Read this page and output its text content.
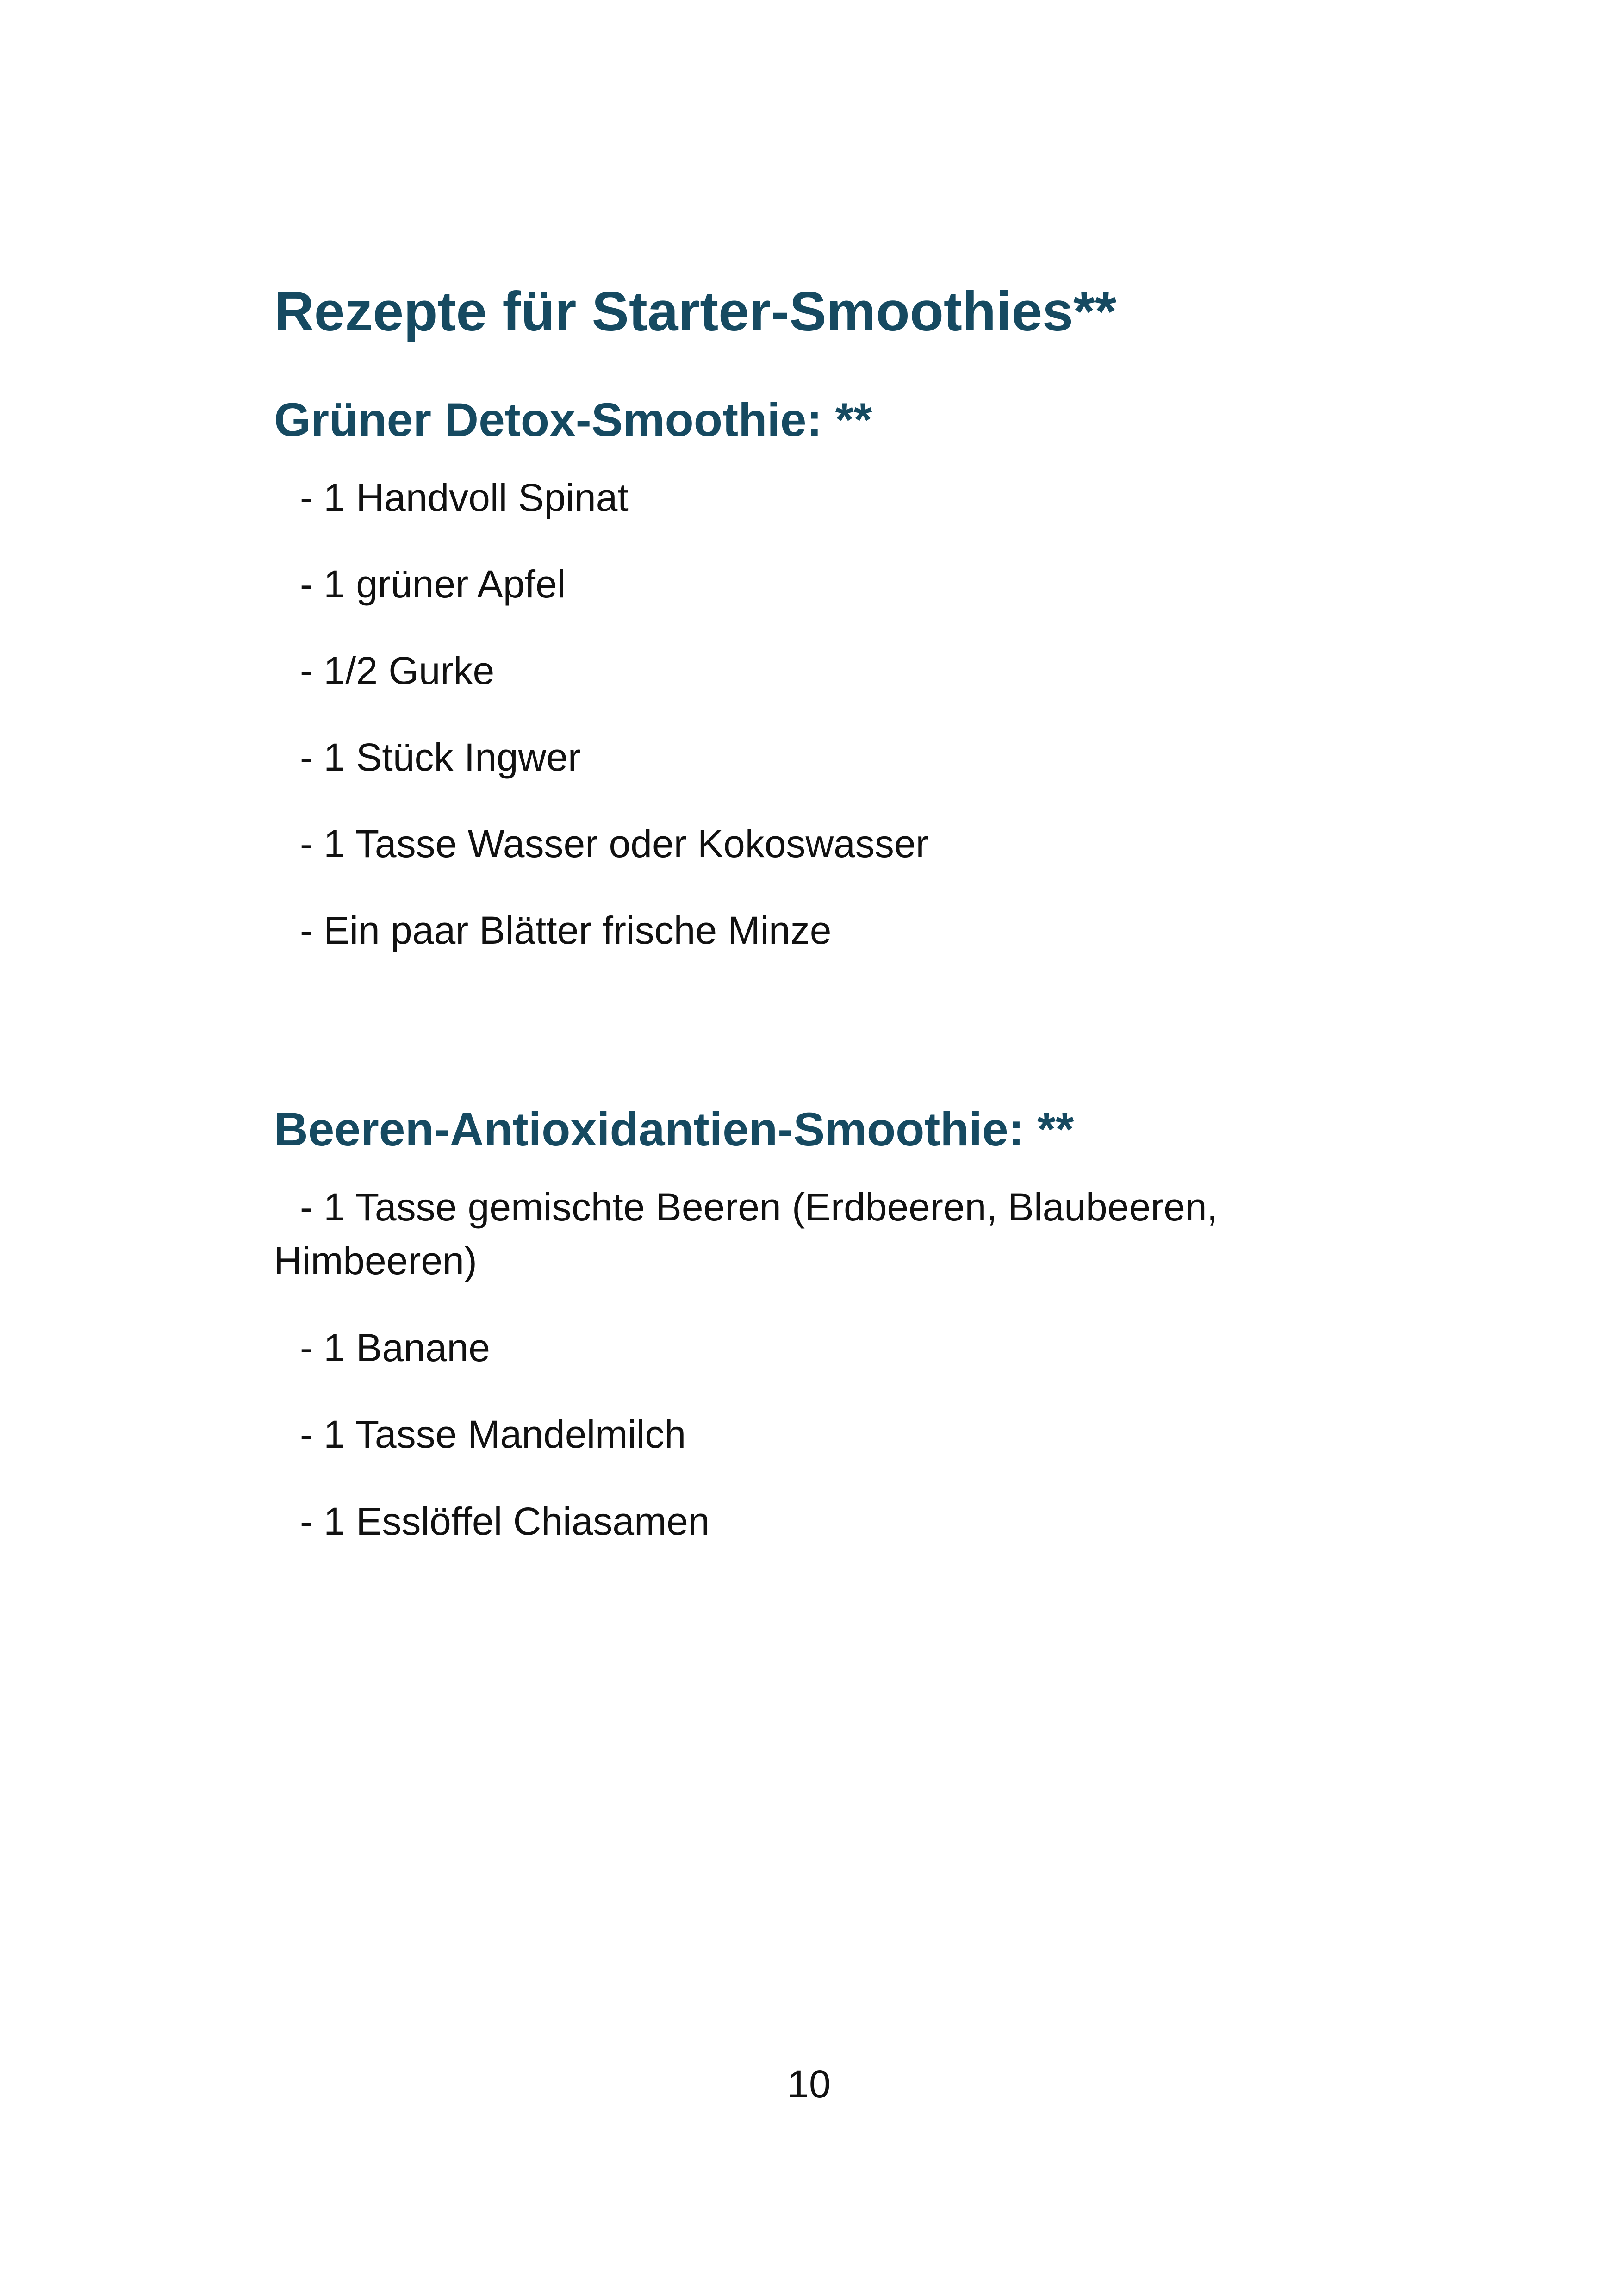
Rezepte für Starter-Smoothies**
Grüner Detox-Smoothie: **
- 1 Handvoll Spinat
- 1 grüner Apfel
- 1/2 Gurke
- 1 Stück Ingwer
- 1 Tasse Wasser oder Kokoswasser
- Ein paar Blätter frische Minze
Beeren-Antioxidantien-Smoothie: **
- 1 Tasse gemischte Beeren (Erdbeeren, Blaubeeren,
Himbeeren)
- 1 Banane
- 1 Tasse Mandelmilch
- 1 Esslöffel Chiasamen
10
